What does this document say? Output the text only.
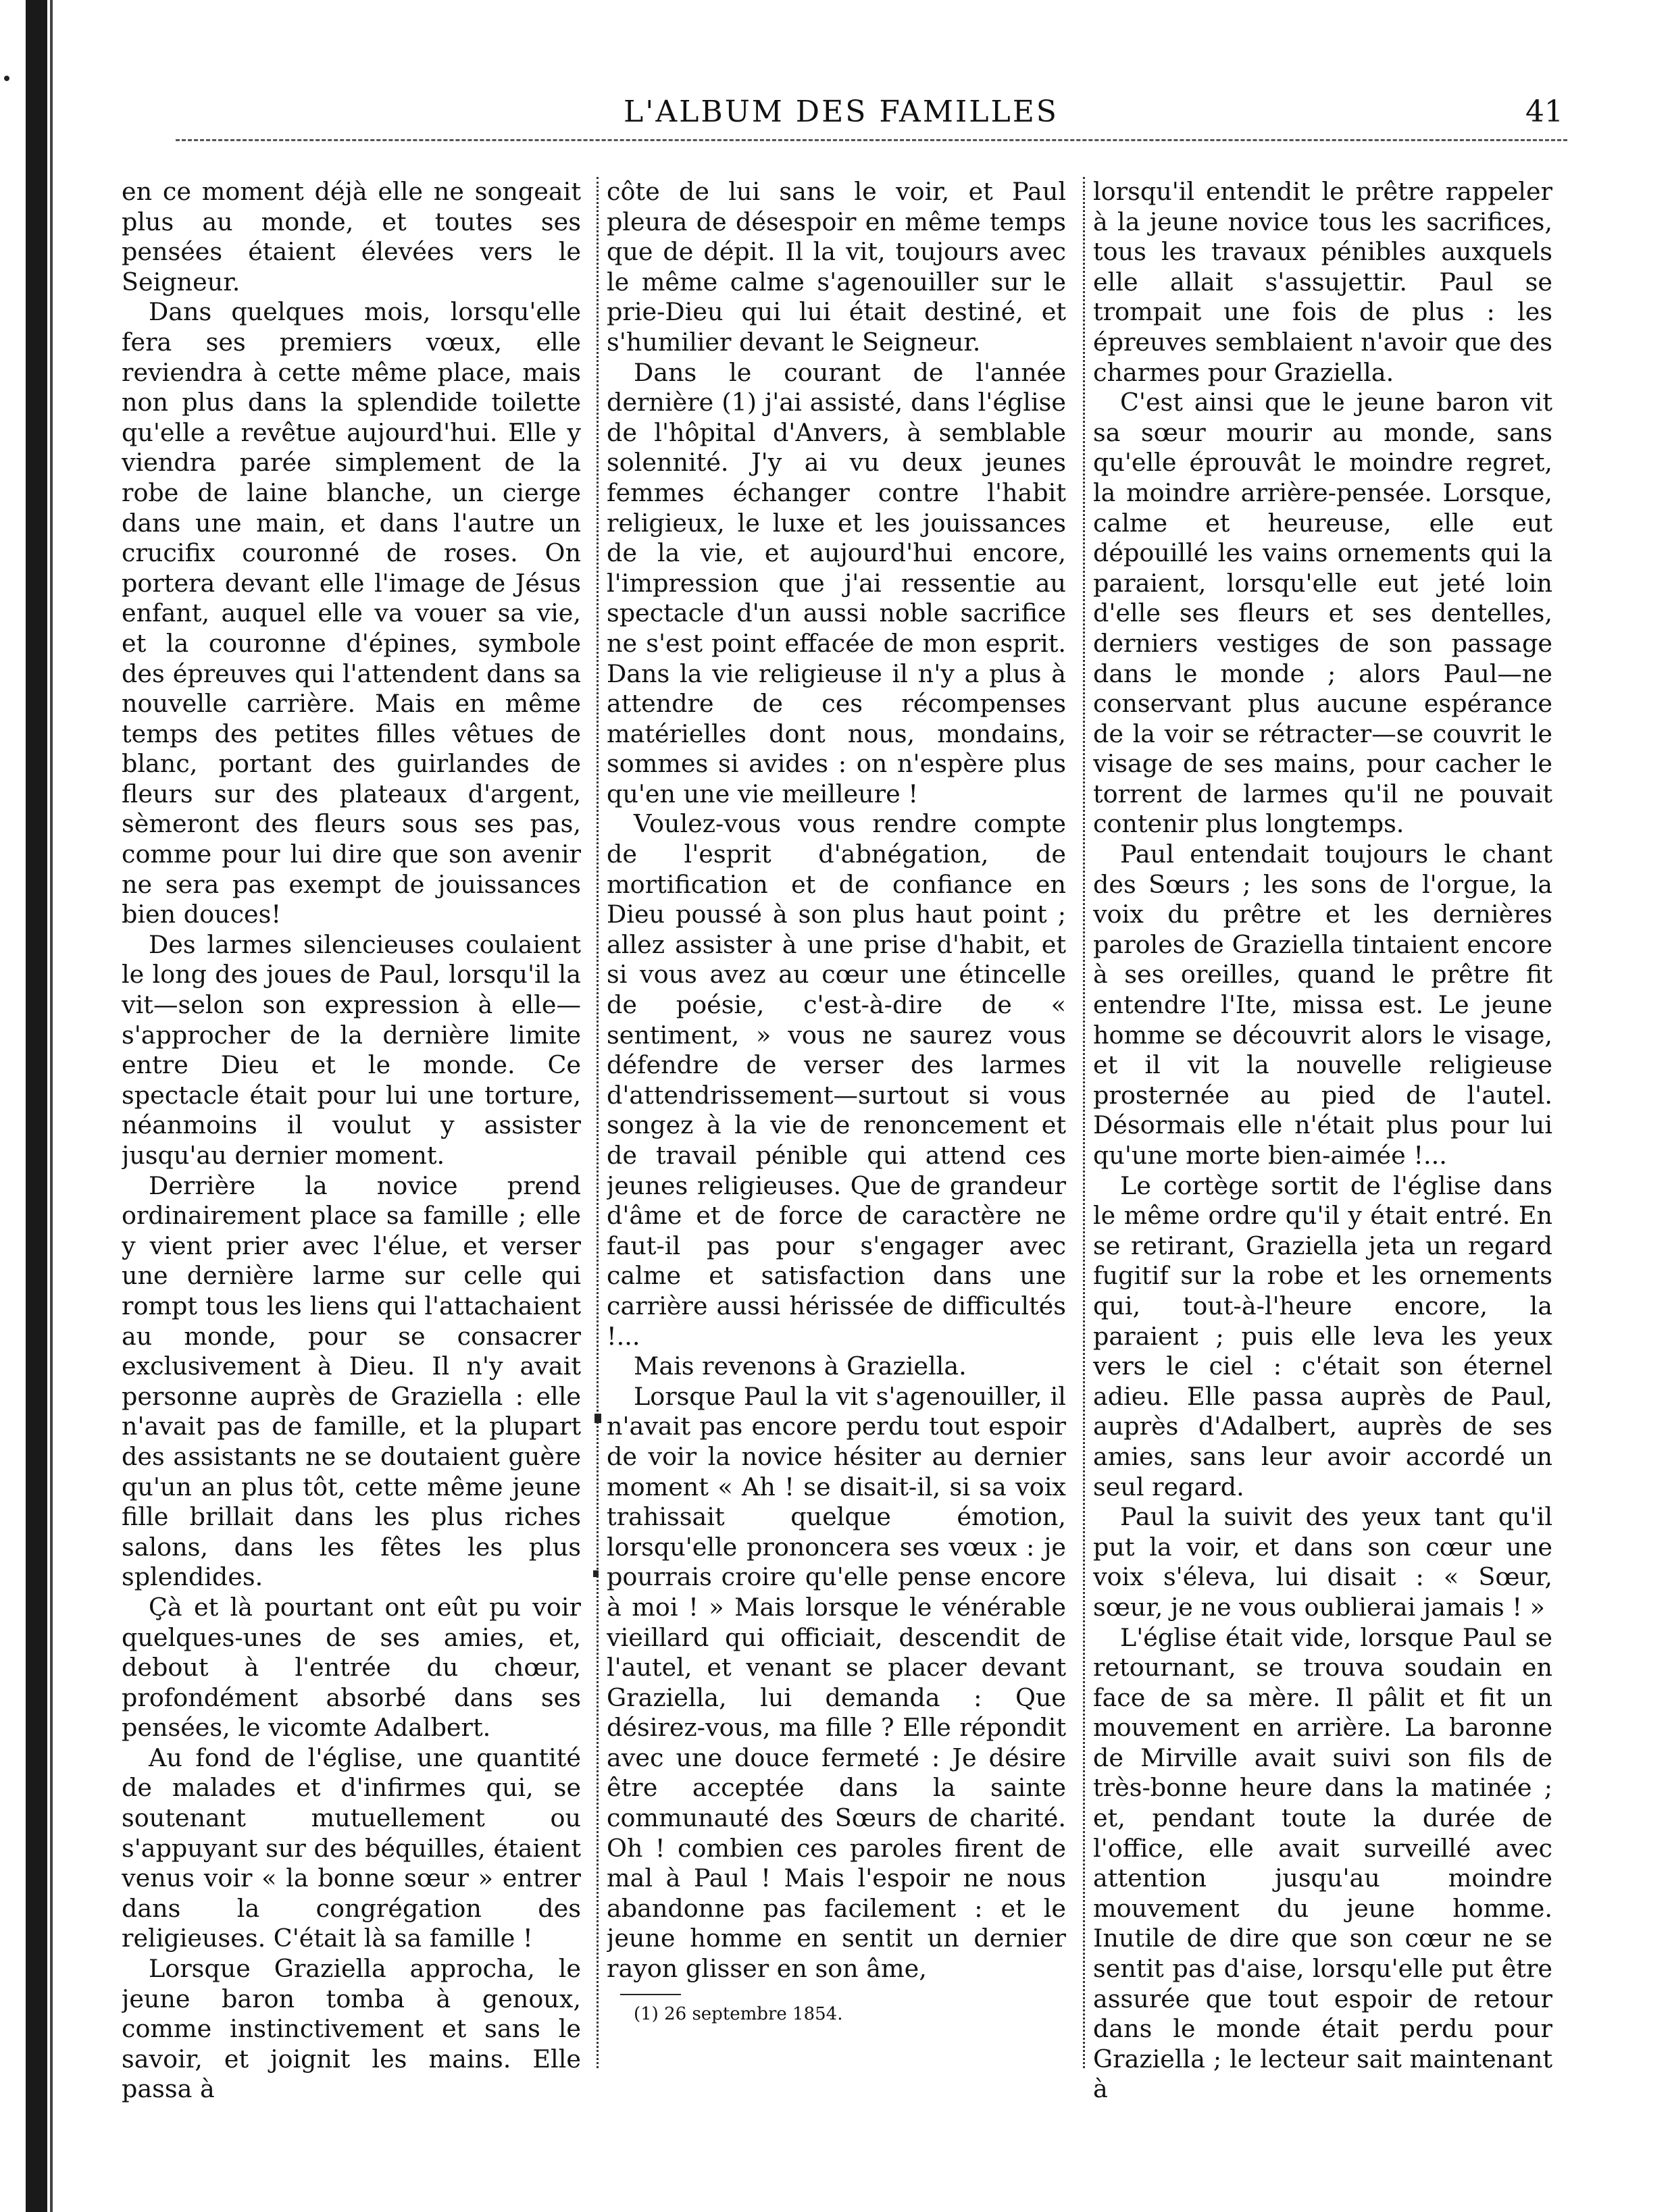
L'ALBUM DES FAMILLES	41

en ce moment déjà elle ne songeait plus au monde, et toutes ses pensées étaient élevées vers le Seigneur.

Dans quelques mois, lorsqu'elle fera ses premiers vœux, elle reviendra à cette même place, mais non plus dans la splendide toilette qu'elle a revêtue aujourd'hui. Elle y viendra parée simplement de la robe de laine blanche, un cierge dans une main, et dans l'autre un crucifix couronné de roses. On portera devant elle l'image de Jésus enfant, auquel elle va vouer sa vie, et la couronne d'épines, symbole des épreuves qui l'attendent dans sa nouvelle carrière. Mais en même temps des petites filles vêtues de blanc, portant des guirlandes de fleurs sur des plateaux d'argent, sèmeront des fleurs sous ses pas, comme pour lui dire que son avenir ne sera pas exempt de jouissances bien douces!

Des larmes silencieuses coulaient le long des joues de Paul, lorsqu'il la vit—selon son expression à elle—s'approcher de la dernière limite entre Dieu et le monde. Ce spectacle était pour lui une torture, néanmoins il voulut y assister jusqu'au dernier moment.

Derrière la novice prend ordinairement place sa famille ; elle y vient prier avec l'élue, et verser une dernière larme sur celle qui rompt tous les liens qui l'attachaient au monde, pour se consacrer exclusivement à Dieu. Il n'y avait personne auprès de Graziella : elle n'avait pas de famille, et la plupart des assistants ne se doutaient guère qu'un an plus tôt, cette même jeune fille brillait dans les plus riches salons, dans les fêtes les plus splendides.

Çà et là pourtant ont eût pu voir quelques-unes de ses amies, et, debout à l'entrée du chœur, profondément absorbé dans ses pensées, le vicomte Adalbert.

Au fond de l'église, une quantité de malades et d'infirmes qui, se soutenant mutuellement ou s'appuyant sur des béquilles, étaient venus voir « la bonne sœur » entrer dans la congrégation des religieuses. C'était là sa famille !

Lorsque Graziella approcha, le jeune baron tomba à genoux, comme instinctivement et sans le savoir, et joignit les mains. Elle passa à

côte de lui sans le voir, et Paul pleura de désespoir en même temps que de dépit. Il la vit, toujours avec le même calme s'agenouiller sur le prie-Dieu qui lui était destiné, et s'humilier devant le Seigneur.

Dans le courant de l'année dernière (1) j'ai assisté, dans l'église de l'hôpital d'Anvers, à semblable solennité. J'y ai vu deux jeunes femmes échanger contre l'habit religieux, le luxe et les jouissances de la vie, et aujourd'hui encore, l'impression que j'ai ressentie au spectacle d'un aussi noble sacrifice ne s'est point effacée de mon esprit. Dans la vie religieuse il n'y a plus à attendre de ces récompenses matérielles dont nous, mondains, sommes si avides : on n'espère plus qu'en une vie meilleure !

Voulez-vous vous rendre compte de l'esprit d'abnégation, de mortification et de confiance en Dieu poussé à son plus haut point ; allez assister à une prise d'habit, et si vous avez au cœur une étincelle de poésie, c'est-à-dire de « sentiment, » vous ne saurez vous défendre de verser des larmes d'attendrissement—surtout si vous songez à la vie de renoncement et de travail pénible qui attend ces jeunes religieuses. Que de grandeur d'âme et de force de caractère ne faut-il pas pour s'engager avec calme et satisfaction dans une carrière aussi hérissée de difficultés !...

Mais revenons à Graziella.

Lorsque Paul la vit s'agenouiller, il n'avait pas encore perdu tout espoir de voir la novice hésiter au dernier moment « Ah ! se disait-il, si sa voix trahissait quelque émotion, lorsqu'elle prononcera ses vœux : je pourrais croire qu'elle pense encore à moi ! » Mais lorsque le vénérable vieillard qui officiait, descendit de l'autel, et venant se placer devant Graziella, lui demanda : Que désirez-vous, ma fille ? Elle répondit avec une douce fermeté : Je désire être acceptée dans la sainte communauté des Sœurs de charité. Oh ! combien ces paroles firent de mal à Paul ! Mais l'espoir ne nous abandonne pas facilement : et le jeune homme en sentit un dernier rayon glisser en son âme,

(1) 26 septembre 1854.

lorsqu'il entendit le prêtre rappeler à la jeune novice tous les sacrifices, tous les travaux pénibles auxquels elle allait s'assujettir. Paul se trompait une fois de plus : les épreuves semblaient n'avoir que des charmes pour Graziella.

C'est ainsi que le jeune baron vit sa sœur mourir au monde, sans qu'elle éprouvât le moindre regret, la moindre arrière-pensée. Lorsque, calme et heureuse, elle eut dépouillé les vains ornements qui la paraient, lorsqu'elle eut jeté loin d'elle ses fleurs et ses dentelles, derniers vestiges de son passage dans le monde ; alors Paul—ne conservant plus aucune espérance de la voir se rétracter—se couvrit le visage de ses mains, pour cacher le torrent de larmes qu'il ne pouvait contenir plus longtemps.

Paul entendait toujours le chant des Sœurs ; les sons de l'orgue, la voix du prêtre et les dernières paroles de Graziella tintaient encore à ses oreilles, quand le prêtre fit entendre l'Ite, missa est. Le jeune homme se découvrit alors le visage, et il vit la nouvelle religieuse prosternée au pied de l'autel. Désormais elle n'était plus pour lui qu'une morte bien-aimée !...

Le cortège sortit de l'église dans le même ordre qu'il y était entré. En se retirant, Graziella jeta un regard fugitif sur la robe et les ornements qui, tout-à-l'heure encore, la paraient ; puis elle leva les yeux vers le ciel : c'était son éternel adieu. Elle passa auprès de Paul, auprès d'Adalbert, auprès de ses amies, sans leur avoir accordé un seul regard.

Paul la suivit des yeux tant qu'il put la voir, et dans son cœur une voix s'éleva, lui disait : « Sœur, sœur, je ne vous oublierai jamais ! »

L'église était vide, lorsque Paul se retournant, se trouva soudain en face de sa mère. Il pâlit et fit un mouvement en arrière. La baronne de Mirville avait suivi son fils de très-bonne heure dans la matinée ; et, pendant toute la durée de l'office, elle avait surveillé avec attention jusqu'au moindre mouvement du jeune homme. Inutile de dire que son cœur ne se sentit pas d'aise, lorsqu'elle put être assurée que tout espoir de retour dans le monde était perdu pour Graziella ; le lecteur sait maintenant à
